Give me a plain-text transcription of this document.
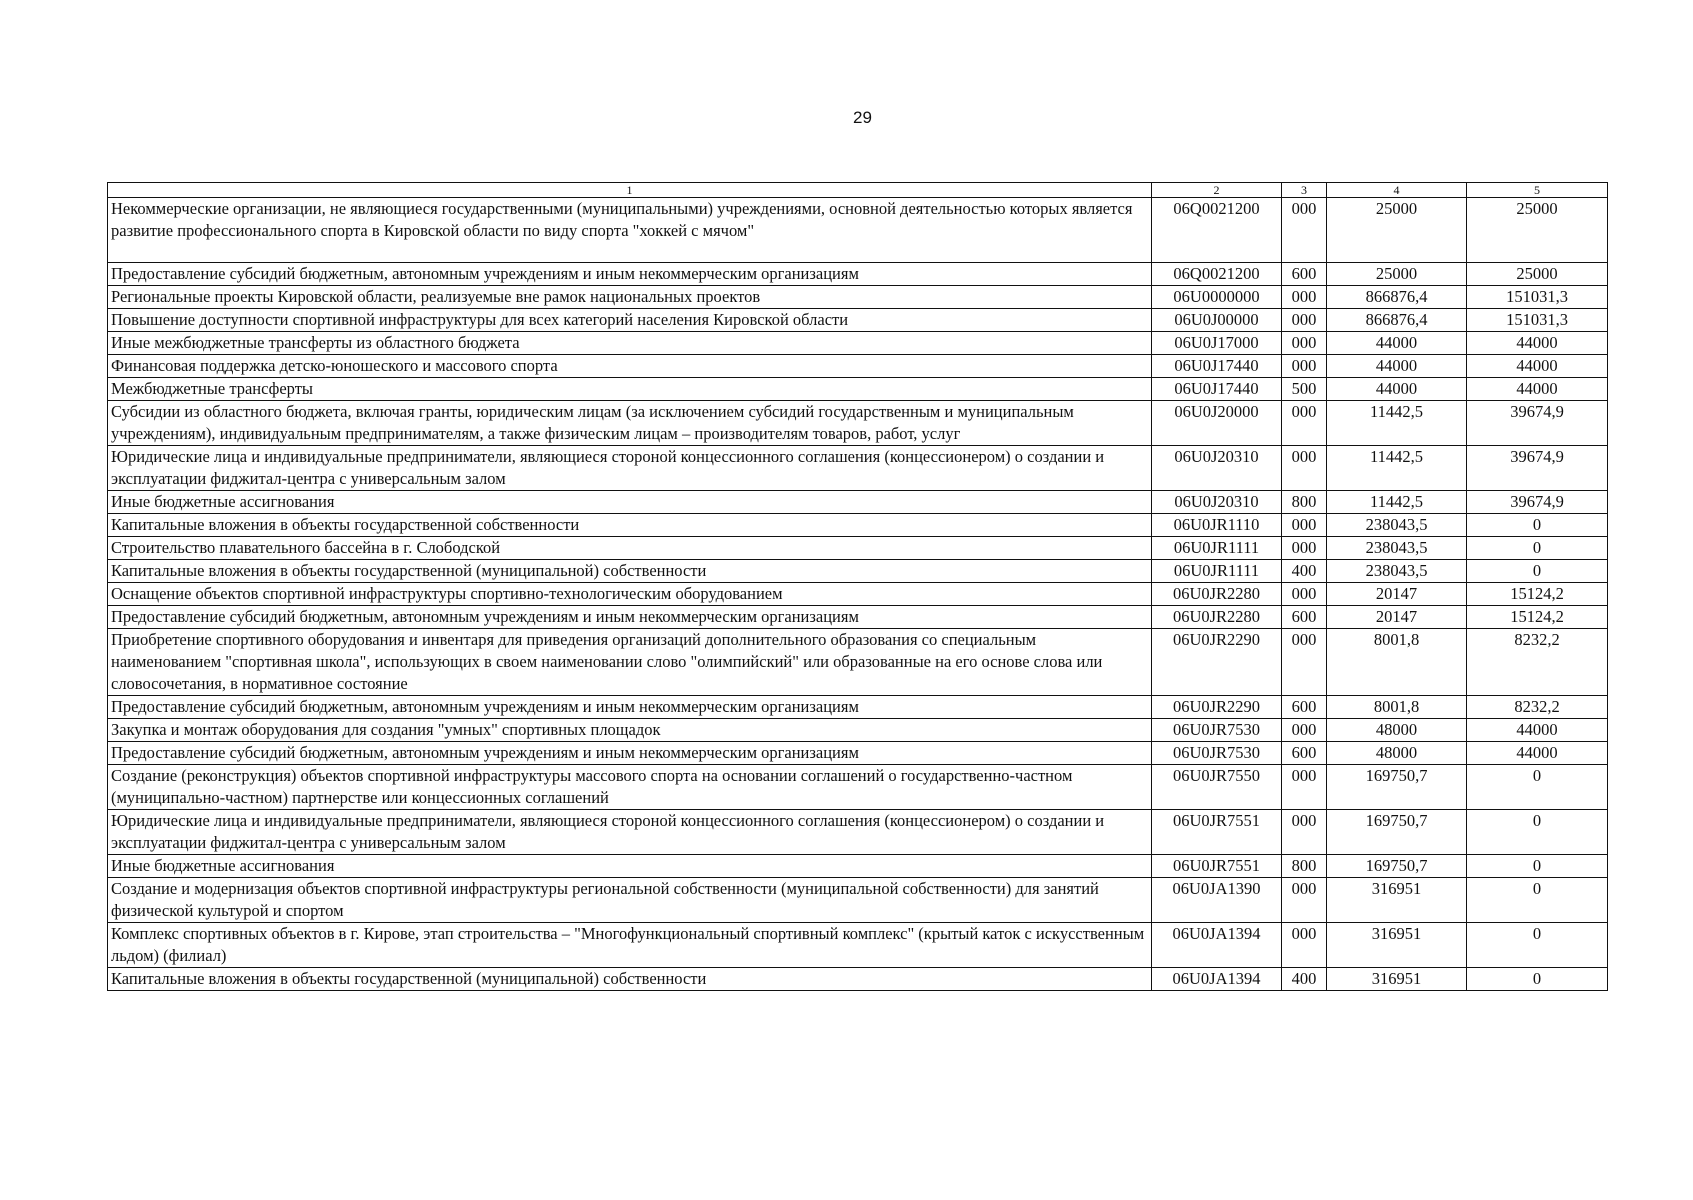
29
1	2	3	4	5
Некоммерческие организации, не являющиеся государственными (муниципальными) учреждениями, основной деятельностью которых является развитие профессионального спорта в Кировской области по виду спорта "хоккей с мячом"	06Q0021200	000	25000	25000
Предоставление субсидий бюджетным, автономным учреждениям и иным некоммерческим организациям	06Q0021200	600	25000	25000
Региональные проекты Кировской области, реализуемые вне рамок национальных проектов	06U0000000	000	866876,4	151031,3
Повышение доступности спортивной инфраструктуры для всех категорий населения Кировской области	06U0J00000	000	866876,4	151031,3
Иные межбюджетные трансферты из областного бюджета	06U0J17000	000	44000	44000
Финансовая поддержка детско-юношеского и массового спорта	06U0J17440	000	44000	44000
Межбюджетные трансферты	06U0J17440	500	44000	44000
Субсидии из областного бюджета, включая гранты, юридическим лицам (за исключением субсидий государственным и муниципальным учреждениям), индивидуальным предпринимателям, а также физическим лицам – производителям товаров, работ, услуг	06U0J20000	000	11442,5	39674,9
Юридические лица и индивидуальные предприниматели, являющиеся стороной концессионного соглашения (концессионером) о создании и эксплуатации фиджитал-центра с универсальным залом	06U0J20310	000	11442,5	39674,9
Иные бюджетные ассигнования	06U0J20310	800	11442,5	39674,9
Капитальные вложения в объекты государственной собственности	06U0JR1110	000	238043,5	0
Строительство плавательного бассейна в г. Слободской	06U0JR1111	000	238043,5	0
Капитальные вложения в объекты государственной (муниципальной) собственности	06U0JR1111	400	238043,5	0
Оснащение объектов спортивной инфраструктуры спортивно-технологическим оборудованием	06U0JR2280	000	20147	15124,2
Предоставление субсидий бюджетным, автономным учреждениям и иным некоммерческим организациям	06U0JR2280	600	20147	15124,2
Приобретение спортивного оборудования и инвентаря для приведения организаций дополнительного образования со специальным наименованием "спортивная школа", использующих в своем наименовании слово "олимпийский" или образованные на его основе слова или словосочетания, в нормативное состояние	06U0JR2290	000	8001,8	8232,2
Предоставление субсидий бюджетным, автономным учреждениям и иным некоммерческим организациям	06U0JR2290	600	8001,8	8232,2
Закупка и монтаж оборудования для создания "умных" спортивных площадок	06U0JR7530	000	48000	44000
Предоставление субсидий бюджетным, автономным учреждениям и иным некоммерческим организациям	06U0JR7530	600	48000	44000
Создание (реконструкция) объектов спортивной инфраструктуры массового спорта на основании соглашений о государственно-частном (муниципально-частном) партнерстве или концессионных соглашений	06U0JR7550	000	169750,7	0
Юридические лица и индивидуальные предприниматели, являющиеся стороной концессионного соглашения (концессионером) о создании и эксплуатации фиджитал-центра с универсальным залом	06U0JR7551	000	169750,7	0
Иные бюджетные ассигнования	06U0JR7551	800	169750,7	0
Создание и модернизация объектов спортивной инфраструктуры региональной собственности (муниципальной собственности) для занятий физической культурой и спортом	06U0JA1390	000	316951	0
Комплекс спортивных объектов в г. Кирове, этап строительства – "Многофункциональный спортивный комплекс" (крытый каток с искусственным льдом) (филиал)	06U0JA1394	000	316951	0
Капитальные вложения в объекты государственной (муниципальной) собственности	06U0JA1394	400	316951	0
